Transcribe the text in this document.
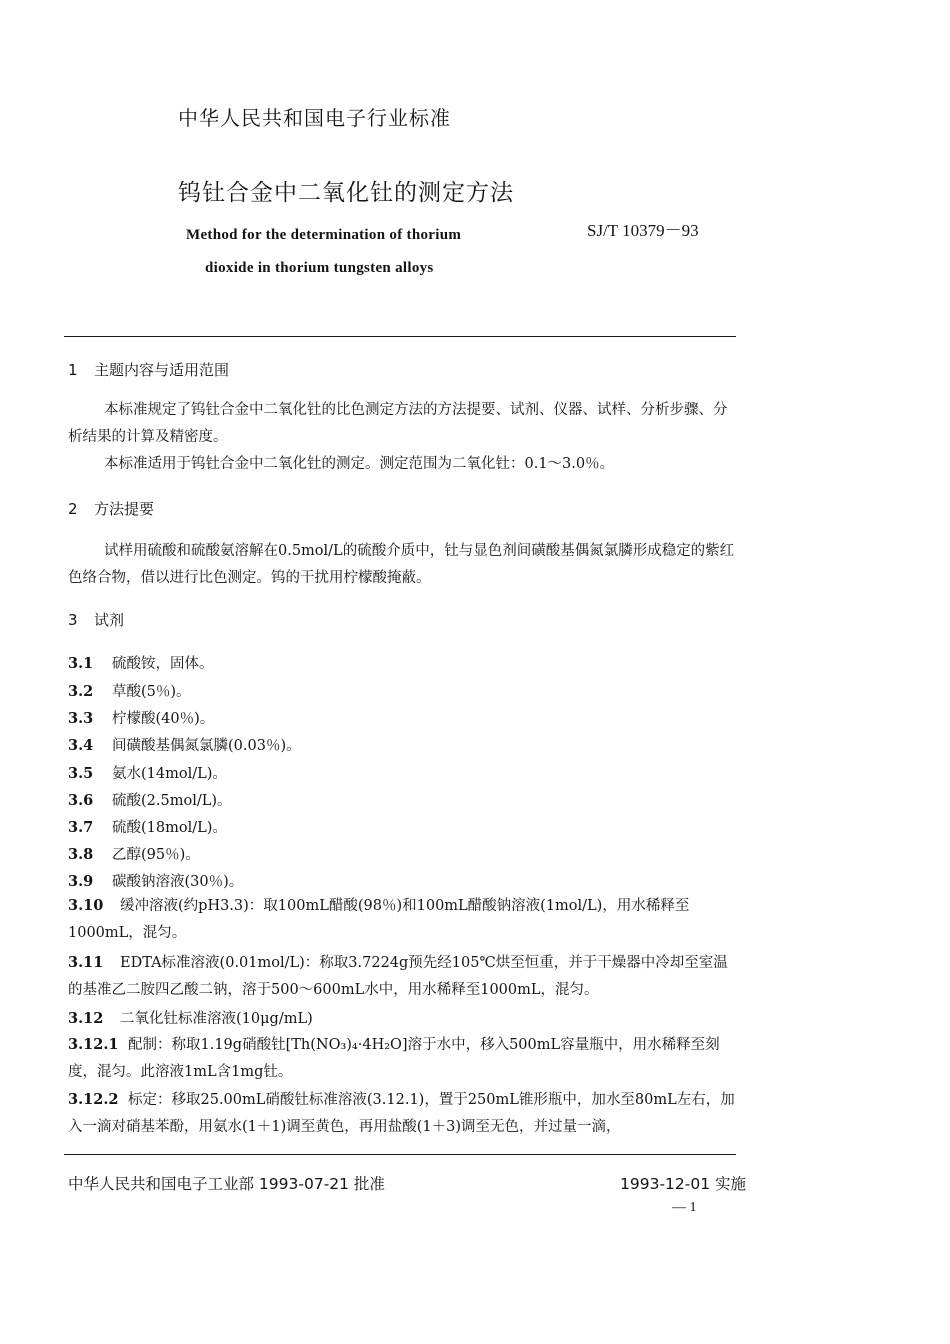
中华人民共和国电子行业标准
钨钍合金中二氧化钍的测定方法
Method for the determination of thorium
dioxide in thorium tungsten alloys
SJ/T 10379－93
1 主题内容与适用范围
本标准规定了钨钍合金中二氧化钍的比色测定方法的方法提要、试剂、仪器、试样、分析步骤、分析结果的计算及精密度。
本标准适用于钨钍合金中二氧化钍的测定。测定范围为二氧化钍：0.1～3.0％。
2 方法提要
试样用硫酸和硫酸氨溶解在0.5mol/L的硫酸介质中，钍与显色剂间磺酸基偶氮氯膦形成稳定的紫红色络合物，借以进行比色测定。钨的干扰用柠檬酸掩蔽。
3 试剂
3.1 硫酸铵，固体。
3.2 草酸(5％)。
3.3 柠檬酸(40％)。
3.4 间磺酸基偶氮氯膦(0.03％)。
3.5 氨水(14mol/L)。
3.6 硫酸(2.5mol/L)。
3.7 硫酸(18mol/L)。
3.8 乙醇(95％)。
3.9 碳酸钠溶液(30％)。
3.10 缓冲溶液(约pH3.3)：取100mL醋酸(98％)和100mL醋酸钠溶液(1mol/L)，用水稀释至1000mL，混匀。
3.11 EDTA标准溶液(0.01mol/L)：称取3.7224g预先经105℃烘至恒重，并于干燥器中冷却至室温的基准乙二胺四乙酸二钠，溶于500～600mL水中，用水稀释至1000mL，混匀。
3.12 二氧化钍标准溶液(10μg/mL)
3.12.1 配制：称取1.19g硝酸钍[Th(NO₃)₄·4H₂O]溶于水中，移入500mL容量瓶中，用水稀释至刻度，混匀。此溶液1mL含1mg钍。
3.12.2 标定：移取25.00mL硝酸钍标准溶液(3.12.1)，置于250mL锥形瓶中，加水至80mL左右，加入一滴对硝基苯酚，用氨水(1＋1)调至黄色，再用盐酸(1＋3)调至无色，并过量一滴，
中华人民共和国电子工业部 1993-07-21 批准	1993-12-01 实施
— 1
